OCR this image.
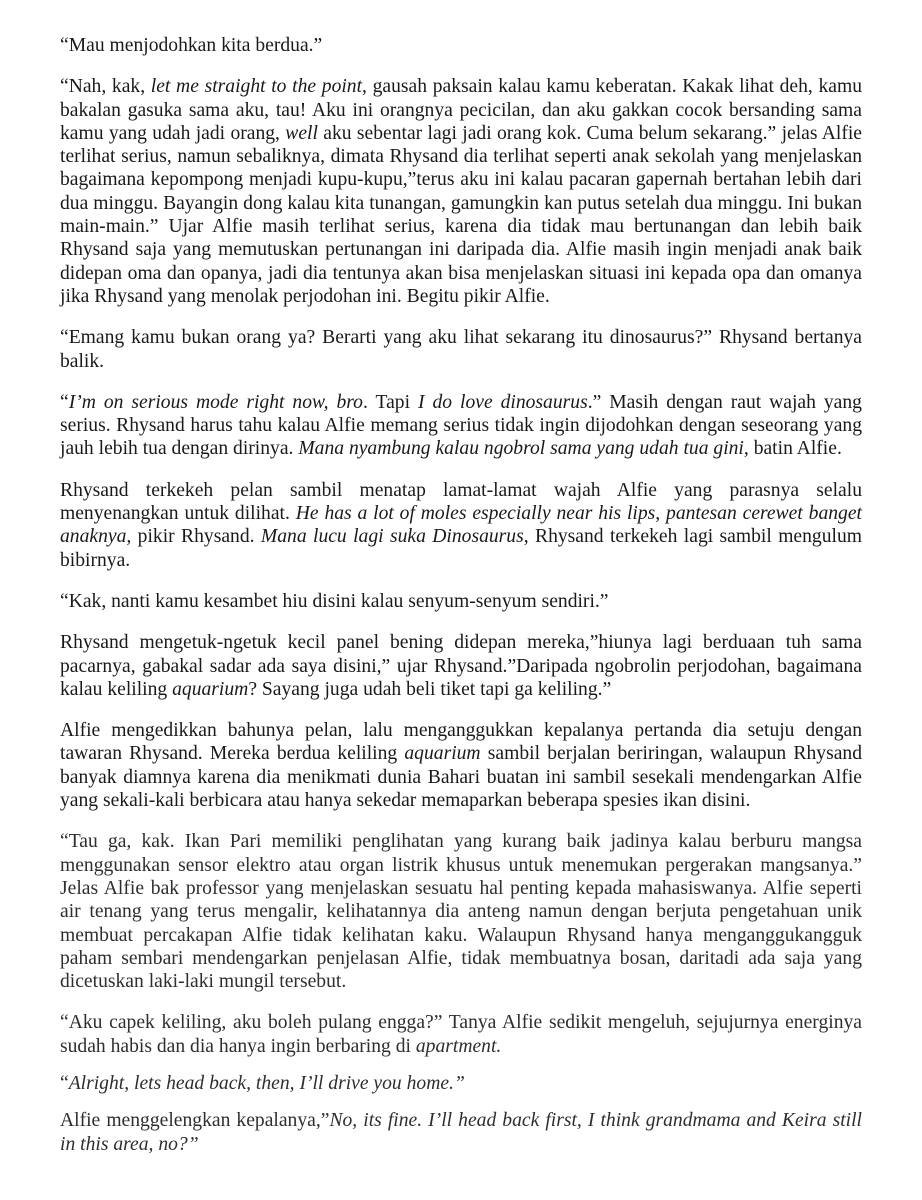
“Mau menjodohkan kita berdua.”

“Nah, kak, let me straight to the point, gausah paksain kalau kamu keberatan. Kakak lihat deh, kamu bakalan gasuka sama aku, tau! Aku ini orangnya pecicilan, dan aku gakkan cocok bersanding sama kamu yang udah jadi orang, well aku sebentar lagi jadi orang kok. Cuma belum sekarang.” jelas Alfie terlihat serius, namun sebaliknya, dimata Rhysand dia terlihat seperti anak sekolah yang menjelaskan bagaimana kepompong menjadi kupu-kupu,”terus aku ini kalau pacaran gapernah bertahan lebih dari dua minggu. Bayangin dong kalau kita tunangan, gamungkin kan putus setelah dua minggu. Ini bukan main-main.” Ujar Alfie masih terlihat serius, karena dia tidak mau bertunangan dan lebih baik Rhysand saja yang memutuskan pertunangan ini daripada dia. Alfie masih ingin menjadi anak baik didepan oma dan opanya, jadi dia tentunya akan bisa menjelaskan situasi ini kepada opa dan omanya jika Rhysand yang menolak perjodohan ini. Begitu pikir Alfie.

“Emang kamu bukan orang ya? Berarti yang aku lihat sekarang itu dinosaurus?” Rhysand bertanya balik.

“I’m on serious mode right now, bro. Tapi I do love dinosaurus.” Masih dengan raut wajah yang serius. Rhysand harus tahu kalau Alfie memang serius tidak ingin dijodohkan dengan seseorang yang jauh lebih tua dengan dirinya. Mana nyambung kalau ngobrol sama yang udah tua gini, batin Alfie.

Rhysand terkekeh pelan sambil menatap lamat-lamat wajah Alfie yang parasnya selalu menyenangkan untuk dilihat. He has a lot of moles especially near his lips, pantesan cerewet banget anaknya, pikir Rhysand. Mana lucu lagi suka Dinosaurus, Rhysand terkekeh lagi sambil mengulum bibirnya.

“Kak, nanti kamu kesambet hiu disini kalau senyum-senyum sendiri.”

Rhysand mengetuk-ngetuk kecil panel bening didepan mereka,”hiunya lagi berduaan tuh sama pacarnya, gabakal sadar ada saya disini,” ujar Rhysand.”Daripada ngobrolin perjodohan, bagaimana kalau keliling aquarium? Sayang juga udah beli tiket tapi ga keliling.”

Alfie mengedikkan bahunya pelan, lalu menganggukkan kepalanya pertanda dia setuju dengan tawaran Rhysand. Mereka berdua keliling aquarium sambil berjalan beriringan, walaupun Rhysand banyak diamnya karena dia menikmati dunia Bahari buatan ini sambil sesekali mendengarkan Alfie yang sekali-kali berbicara atau hanya sekedar memaparkan beberapa spesies ikan disini.

“Tau ga, kak. Ikan Pari memiliki penglihatan yang kurang baik jadinya kalau berburu mangsa menggunakan sensor elektro atau organ listrik khusus untuk menemukan pergerakan mangsanya.” Jelas Alfie bak professor yang menjelaskan sesuatu hal penting kepada mahasiswanya. Alfie seperti air tenang yang terus mengalir, kelihatannya dia anteng namun dengan berjuta pengetahuan unik membuat percakapan Alfie tidak kelihatan kaku. Walaupun Rhysand hanya menganggukangguk paham sembari mendengarkan penjelasan Alfie, tidak membuatnya bosan, daritadi ada saja yang dicetuskan laki-laki mungil tersebut.

“Aku capek keliling, aku boleh pulang engga?” Tanya Alfie sedikit mengeluh, sejujurnya energinya sudah habis dan dia hanya ingin berbaring di apartment.

“Alright, lets head back, then, I’ll drive you home.”

Alfie menggelengkan kepalanya,”No, its fine. I’ll head back first, I think grandmama and Keira still in this area, no?”
